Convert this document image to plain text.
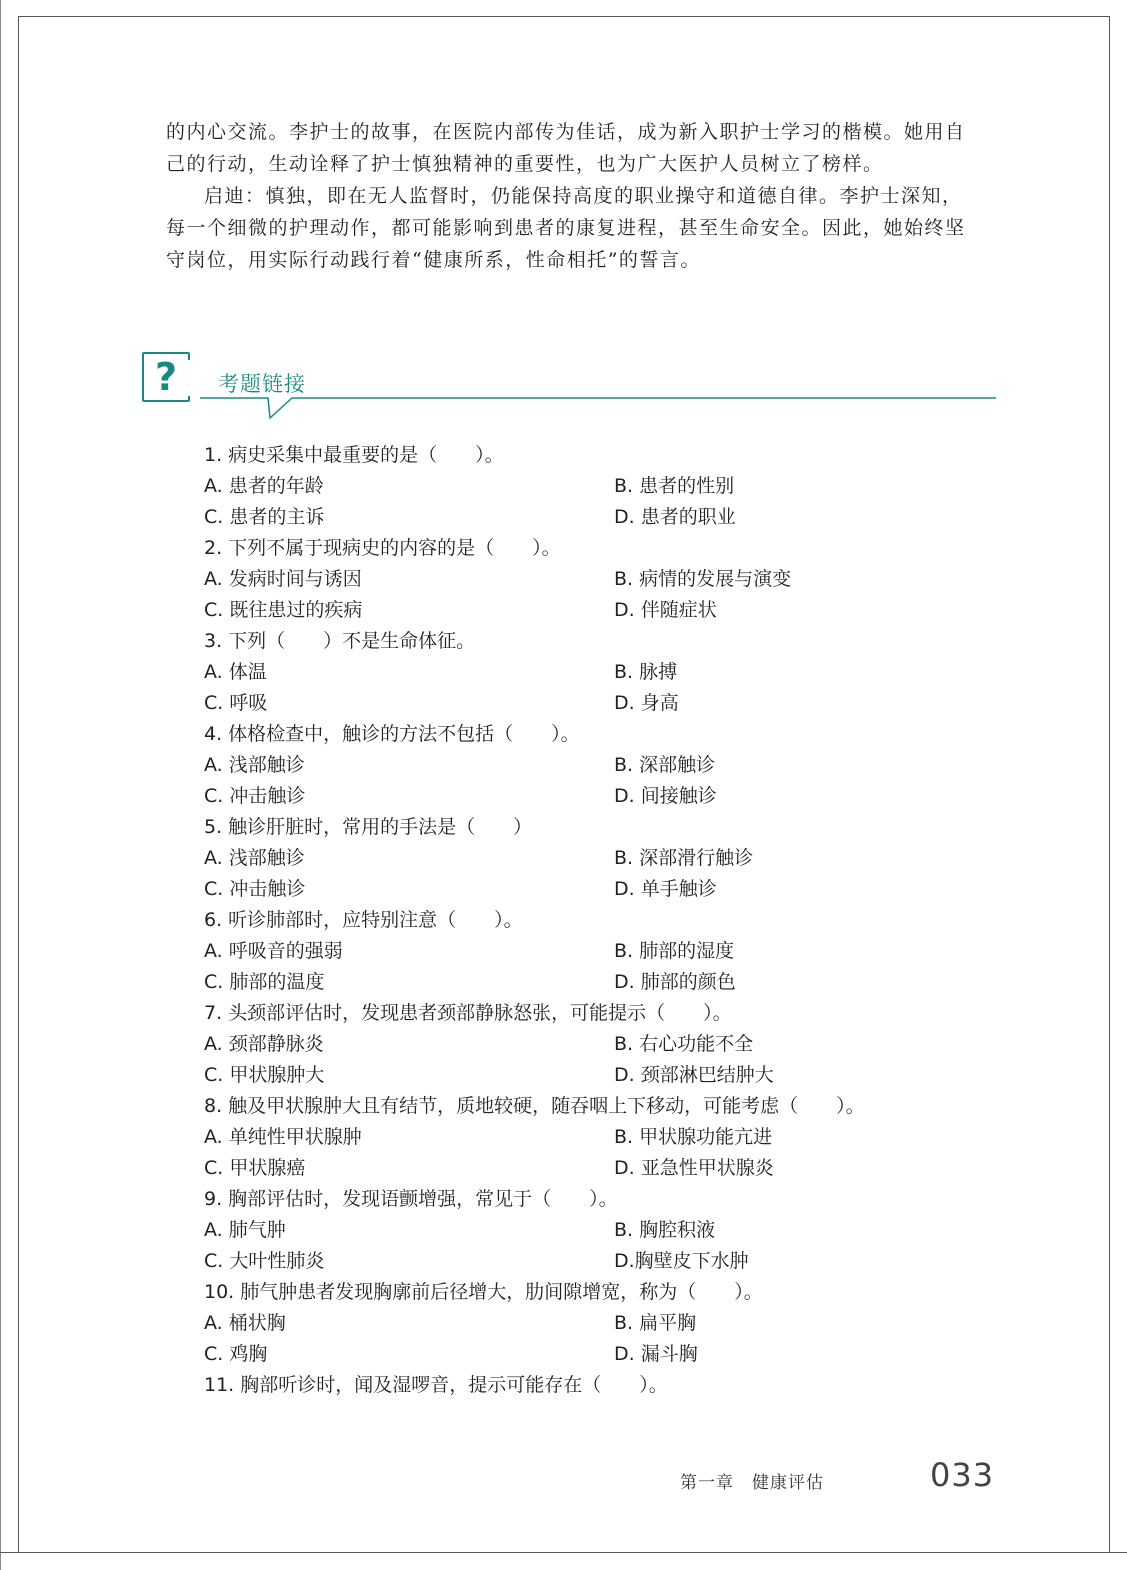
的内心交流。李护士的故事，在医院内部传为佳话，成为新入职护士学习的楷模。她用自己的行动，生动诠释了护士慎独精神的重要性，也为广大医护人员树立了榜样。

启迪：慎独，即在无人监督时，仍能保持高度的职业操守和道德自律。李护士深知，每一个细微的护理动作，都可能影响到患者的康复进程，甚至生命安全。因此，她始终坚守岗位，用实际行动践行着“健康所系，性命相托”的誓言。

? 考题链接

1. 病史采集中最重要的是（　　）。

A. 患者的年龄	B. 患者的性别
C. 患者的主诉	D. 患者的职业

2. 下列不属于现病史的内容的是（　　）。

A. 发病时间与诱因	B. 病情的发展与演变
C. 既往患过的疾病	D. 伴随症状

3. 下列（　　）不是生命体征。

A. 体温	B. 脉搏
C. 呼吸	D. 身高

4. 体格检查中，触诊的方法不包括（　　）。

A. 浅部触诊	B. 深部触诊
C. 冲击触诊	D. 间接触诊

5. 触诊肝脏时，常用的手法是（　　）

A. 浅部触诊	B. 深部滑行触诊
C. 冲击触诊	D. 单手触诊

6. 听诊肺部时，应特别注意（　　）。

A. 呼吸音的强弱	B. 肺部的湿度
C. 肺部的温度	D. 肺部的颜色

7. 头颈部评估时，发现患者颈部静脉怒张，可能提示（　　）。

A. 颈部静脉炎	B. 右心功能不全
C. 甲状腺肿大	D. 颈部淋巴结肿大

8. 触及甲状腺肿大且有结节，质地较硬，随吞咽上下移动，可能考虑（　　）。

A. 单纯性甲状腺肿	B. 甲状腺功能亢进
C. 甲状腺癌	D. 亚急性甲状腺炎

9. 胸部评估时，发现语颤增强，常见于（　　）。

A. 肺气肿	B. 胸腔积液
C. 大叶性肺炎	D.胸壁皮下水肿

10. 肺气肿患者发现胸廓前后径增大，肋间隙增宽，称为（　　）。

A. 桶状胸	B. 扁平胸
C. 鸡胸	D. 漏斗胸

11. 胸部听诊时，闻及湿啰音，提示可能存在（　　）。

第一章　健康评估	033
